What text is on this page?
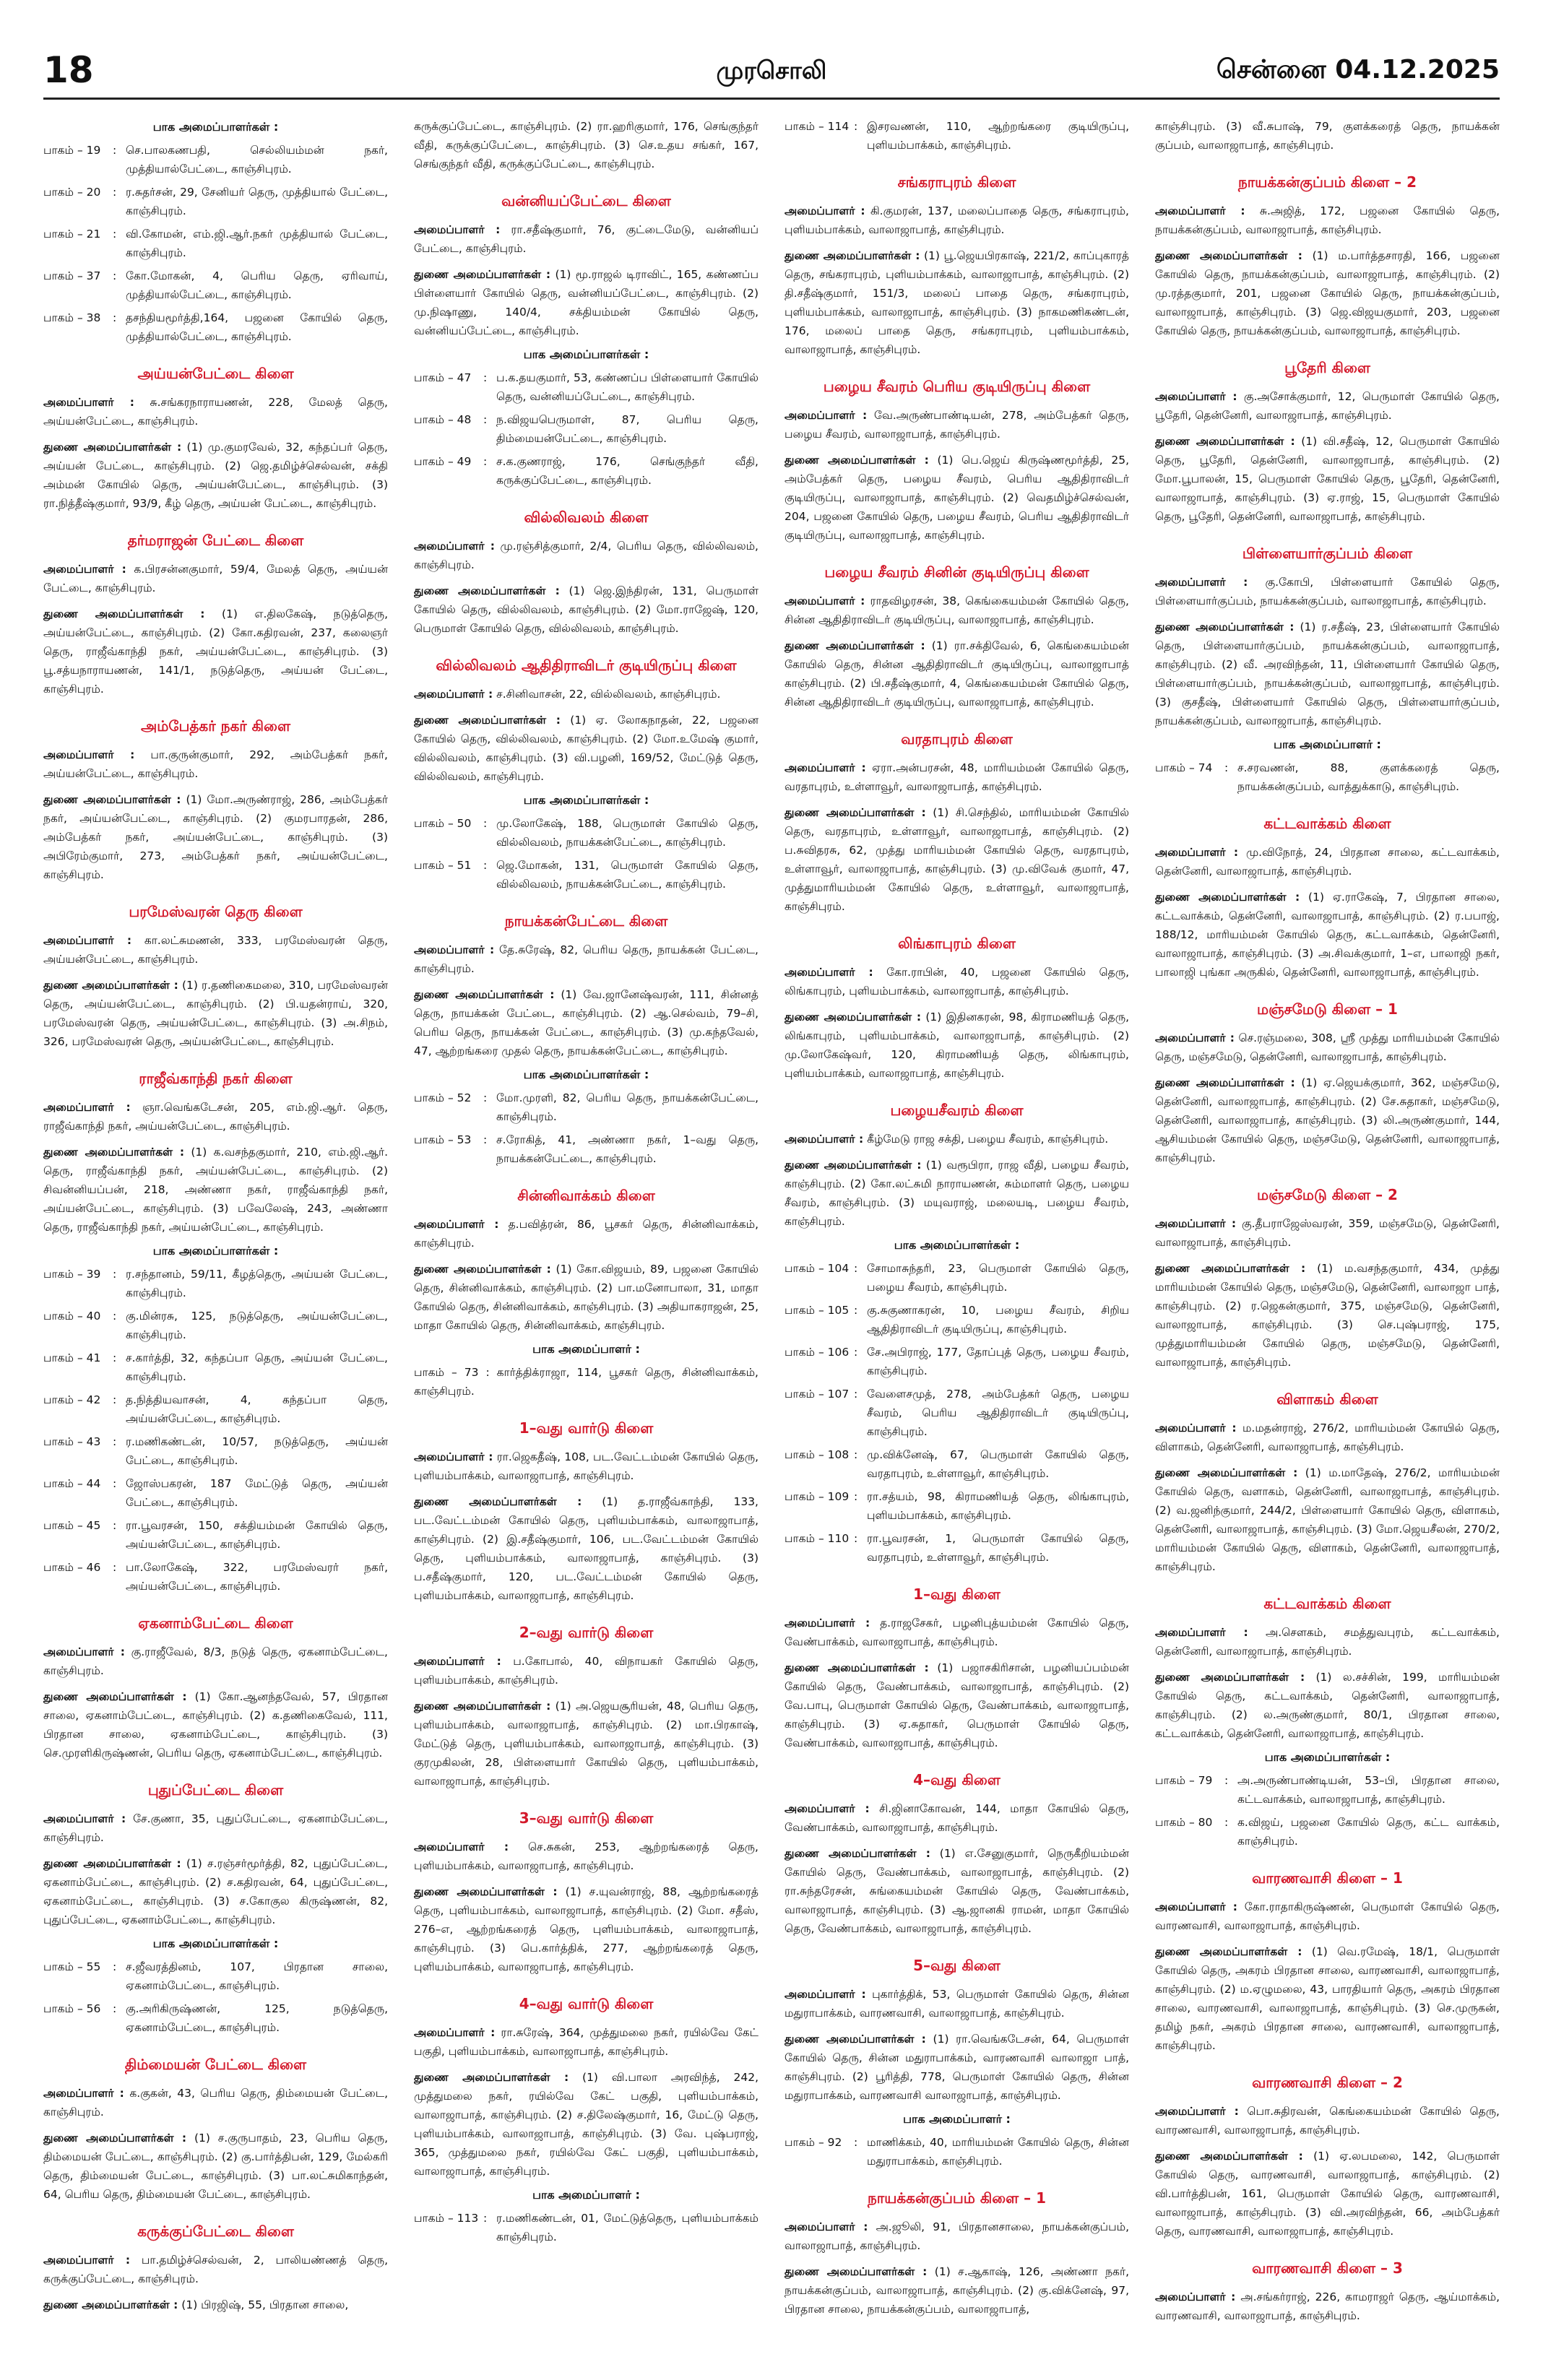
18	முரசொலி	சென்னை 04.12.2025
பாக அமைப்பாளர்கள் :
பாகம் – 19	: செ.பாலகணபதி, செல்லியம்மன் நகர், முத்தியால்பேட்டை, காஞ்சிபுரம்.
பாகம் – 20	: ர.சுதர்சன், 29, சேனியர் தெரு, முத்தியால் பேட்டை, காஞ்சிபுரம்.
பாகம் – 21	: வி.கோமன், எம்.ஜி.ஆர்.நகர் முத்தியால் பேட்டை, காஞ்சிபுரம்.
பாகம் – 37	: கோ.மோகன், 4, பெரிய தெரு, ஏரிவாய், முத்தியால்பேட்டை, காஞ்சிபுரம்.
பாகம் – 38	: தசந்தியமூர்த்தி,164, பஜனை கோயில் தெரு, முத்தியால்பேட்டை, காஞ்சிபுரம்.
அய்யன்பேட்டை கிளை

அமைப்பாளர் : சு.சங்கரநாராயணன், 228, மேலத் தெரு, அய்யன்பேட்டை, காஞ்சிபுரம்.

துணை அமைப்பாளர்கள் : (1) மு.குமரவேல், 32, கந்தப்பர் தெரு, அய்யன் பேட்டை, காஞ்சிபுரம். (2) ஜெ.தமிழ்ச்செல்வன், சக்தி அம்மன் கோயில் தெரு, அய்யன்பேட்டை, காஞ்சிபுரம். (3) ரா.நித்தீஷ்குமார், 93/9, கீழ் தெரு, அய்யன் பேட்டை, காஞ்சிபுரம்.

தர்மராஜன் பேட்டை கிளை

அமைப்பாளர் : க.பிரசன்னகுமார், 59/4, மேலத் தெரு, அய்யன் பேட்டை, காஞ்சிபுரம்.

துணை அமைப்பாளர்கள் : (1) எ.திலகேஷ், நடுத்தெரு, அய்யன்பேட்டை, காஞ்சிபுரம். (2) கோ.கதிரவன், 237, கலைஞர் தெரு, ராஜீவ்காந்தி நகர், அய்யன்பேட்டை, காஞ்சிபுரம். (3) பூ.சத்யநாராயணன், 141/1, நடுத்தெரு, அய்யன் பேட்டை, காஞ்சிபுரம்.

அம்பேத்கர் நகர் கிளை

அமைப்பாளர் : பா.குருன்குமார், 292, அம்பேத்கர் நகர், அய்யன்பேட்டை, காஞ்சிபுரம்.

துணை அமைப்பாளர்கள் : (1) மோ.அருண்ராஜ், 286, அம்பேத்கர் நகர், அய்யன்பேட்டை, காஞ்சிபுரம். (2) குமரபாரதன், 286, அம்பேத்கர் நகர், அய்யன்பேட்டை, காஞ்சிபுரம். (3) அபிரேம்குமார், 273, அம்பேத்கர் நகர், அய்யன்பேட்டை, காஞ்சிபுரம்.

பரமேஸ்வரன் தெரு கிளை

அமைப்பாளர் : கா.லட்சுமணன், 333, பரமேஸ்வரன் தெரு, அய்யன்பேட்டை, காஞ்சிபுரம்.

துணை அமைப்பாளர்கள் : (1) ர.தணிகைமலை, 310, பரமேஸ்வரன் தெரு, அய்யன்பேட்டை, காஞ்சிபுரம். (2) பி.யதன்ராய், 320, பரமேஸ்வரன் தெரு, அய்யன்பேட்டை, காஞ்சிபுரம். (3) அ.சிநம், 326, பரமேஸ்வரன் தெரு, அய்யன்பேட்டை, காஞ்சிபுரம்.

ராஜீவ்காந்தி நகர் கிளை

அமைப்பாளர் : ஞா.வெங்கடேசன், 205, எம்.ஜி.ஆர். தெரு, ராஜீவ்காந்தி நகர், அய்யன்பேட்டை, காஞ்சிபுரம்.

துணை அமைப்பாளர்கள் : (1) க.வசந்தகுமார், 210, எம்.ஜி.ஆர். தெரு, ராஜீவ்காந்தி நகர், அய்யன்பேட்டை, காஞ்சிபுரம். (2) சிவன்னியப்பன், 218, அண்ணா நகர், ராஜீவ்காந்தி நகர், அய்யன்பேட்டை, காஞ்சிபுரம். (3) பவேலேஷ், 243, அண்ணா தெரு, ராஜீவ்காந்தி நகர், அய்யன்பேட்டை, காஞ்சிபுரம்.

பாக அமைப்பாளர்கள் :
பாகம் – 39	: ர.சந்தானம், 59/11, கீழத்தெரு, அய்யன் பேட்டை, காஞ்சிபுரம்.
பாகம் – 40	: கு.மின்ரசு, 125, நடுத்தெரு, அய்யன்பேட்டை, காஞ்சிபுரம்.
பாகம் – 41	: ச.கார்த்தி, 32, கந்தப்பா தெரு, அய்யன் பேட்டை, காஞ்சிபுரம்.
பாகம் – 42	: த.நித்தியவாசன், 4, கந்தப்பா தெரு, அய்யன்பேட்டை, காஞ்சிபுரம்.
பாகம் – 43	: ர.மணிகண்டன், 10/57, நடுத்தெரு, அய்யன் பேட்டை, காஞ்சிபுரம்.
பாகம் – 44	: ஜோஸ்பகரன், 187 மேட்டுத் தெரு, அய்யன் பேட்டை, காஞ்சிபுரம்.
பாகம் – 45	: ரா.பூவரசன், 150, சக்தியம்மன் கோயில் தெரு, அய்யன்பேட்டை, காஞ்சிபுரம்.
பாகம் – 46	: பா.லோகேஷ், 322, பரமேஸ்வரர் நகர், அய்யன்பேட்டை, காஞ்சிபுரம்.
ஏகனாம்பேட்டை கிளை

அமைப்பாளர் : கு.ராஜீவேல், 8/3, நடுத் தெரு, ஏகனாம்பேட்டை, காஞ்சிபுரம்.

துணை அமைப்பாளர்கள் : (1) கோ.ஆனந்தவேல், 57, பிரதான சாலை, ஏகனாம்பேட்டை, காஞ்சிபுரம். (2) க.தணிகைவேல், 111, பிரதான சாலை, ஏகனாம்பேட்டை, காஞ்சிபுரம். (3) செ.முரளிகிருஷ்ணன், பெரிய தெரு, ஏகனாம்பேட்டை, காஞ்சிபுரம்.

புதுப்பேட்டை கிளை

அமைப்பாளர் : சே.குணா, 35, புதுப்பேட்டை, ஏகனாம்பேட்டை, காஞ்சிபுரம்.

துணை அமைப்பாளர்கள் : (1) ச.ரஞ்சர்மூர்த்தி, 82, புதுப்பேட்டை, ஏகனாம்பேட்டை, காஞ்சிபுரம். (2) ச.கதிரவன், 64, புதுப்பேட்டை, ஏகனாம்பேட்டை, காஞ்சிபுரம். (3) ச.கோகுல கிருஷ்ணன், 82, புதுப்பேட்டை, ஏகனாம்பேட்டை, காஞ்சிபுரம்.

பாக அமைப்பாளர்கள் :
பாகம் – 55	: ச.ஜீவரத்தினம், 107, பிரதான சாலை, ஏகனாம்பேட்டை, காஞ்சிபுரம்.
பாகம் – 56	: கு.அரிகிருஷ்ணன், 125, நடுத்தெரு, ஏகனாம்பேட்டை, காஞ்சிபுரம்.
திம்மையன் பேட்டை கிளை

அமைப்பாளர் : க.குகன், 43, பெரிய தெரு, திம்மையன் பேட்டை, காஞ்சிபுரம்.

துணை அமைப்பாளர்கள் : (1) ச.குருபாதம், 23, பெரிய தெரு, திம்மையன் பேட்டை, காஞ்சிபுரம். (2) கு.பார்த்திபன், 129, மேல்கரி தெரு, திம்மையன் பேட்டை, காஞ்சிபுரம். (3) பா.லட்சுமிகாந்தன், 64, பெரிய தெரு, திம்மையன் பேட்டை, காஞ்சிபுரம்.

கருக்குப்பேட்டை கிளை

அமைப்பாளர் : பா.தமிழ்ச்செல்வன், 2, பாலியண்ணத் தெரு, கருக்குப்பேட்டை, காஞ்சிபுரம்.

துணை அமைப்பாளர்கள் : (1) பிரஜிஷ், 55, பிரதான சாலை,

கருக்குப்பேட்டை, காஞ்சிபுரம். (2) ரா.ஹரிகுமார், 176, செங்குந்தர் வீதி, கருக்குப்பேட்டை, காஞ்சிபுரம். (3) செ.உதய சங்கர், 167, செங்குந்தர் வீதி, கருக்குப்பேட்டை, காஞ்சிபுரம்.

வன்னியப்பேட்டை கிளை

அமைப்பாளர் : ரா.சதீஷ்குமார், 76, குட்டைமேடு, வன்னியப் பேட்டை, காஞ்சிபுரம்.

துணை அமைப்பாளர்கள் : (1) மூ.ராஜல் டிராவிட், 165, கண்ணப்ப பிள்ளையார் கோயில் தெரு, வன்னியப்பேட்டை, காஞ்சிபுரம். (2) மு.நிஷாணு, 140/4, சக்தியம்மன் கோயில் தெரு, வன்னியப்பேட்டை, காஞ்சிபுரம்.

பாக அமைப்பாளர்கள் :
பாகம் – 47	: ப.க.தயகுமார், 53, கண்ணப்ப பிள்ளையார் கோயில் தெரு, வன்னியப்பேட்டை, காஞ்சிபுரம்.
பாகம் – 48	: ந.விஜயபெருமாள், 87, பெரிய தெரு, திம்மையன்பேட்டை, காஞ்சிபுரம்.
பாகம் – 49	: ச.க.குணராஜ், 176, செங்குந்தர் வீதி, கருக்குப்பேட்டை, காஞ்சிபுரம்.
வில்லிவலம் கிளை

அமைப்பாளர் : மு.ரஞ்சித்குமார், 2/4, பெரிய தெரு, வில்லிவலம், காஞ்சிபுரம்.

துணை அமைப்பாளர்கள் : (1) ஜெ.இந்திரன், 131, பெருமாள் கோயில் தெரு, வில்லிவலம், காஞ்சிபுரம். (2) மோ.ராஜேஷ், 120, பெருமாள் கோயில் தெரு, வில்லிவலம், காஞ்சிபுரம்.

வில்லிவலம் ஆதிதிராவிடர் குடியிருப்பு கிளை

அமைப்பாளர் : ச.சினிவாசன், 22, வில்லிவலம், காஞ்சிபுரம்.

துணை அமைப்பாளர்கள் : (1) ஏ. லோகநாதன், 22, பஜனை கோயில் தெரு, வில்லிவலம், காஞ்சிபுரம். (2) மோ.உமேஷ் குமார், வில்லிவலம், காஞ்சிபுரம். (3) வி.பழனி, 169/52, மேட்டுத் தெரு, வில்லிவலம், காஞ்சிபுரம்.

பாக அமைப்பாளர்கள் :
பாகம் – 50	: மு.லோகேஷ், 188, பெருமாள் கோயில் தெரு, வில்லிவலம், நாயக்கன்பேட்டை, காஞ்சிபுரம்.
பாகம் – 51	: ஜெ.மோகன், 131, பெருமாள் கோயில் தெரு, வில்லிவலம், நாயக்கன்பேட்டை, காஞ்சிபுரம்.
நாயக்கன்பேட்டை கிளை

அமைப்பாளர் : தே.சுரேஷ், 82, பெரிய தெரு, நாயக்கன் பேட்டை, காஞ்சிபுரம்.

துணை அமைப்பாளர்கள் : (1) வே.ஜானேஷ்வரன், 111, சின்னத் தெரு, நாயக்கன் பேட்டை, காஞ்சிபுரம். (2) ஆ.செல்வம், 79–சி, பெரிய தெரு, நாயக்கன் பேட்டை, காஞ்சிபுரம். (3) மு.கந்தவேல், 47, ஆற்றங்கரை முதல் தெரு, நாயக்கன்பேட்டை, காஞ்சிபுரம்.

பாக அமைப்பாளர்கள் :
பாகம் – 52	: மோ.முரளி, 82, பெரிய தெரு, நாயக்கன்பேட்டை, காஞ்சிபுரம்.
பாகம் – 53	: ச.ரோகித், 41, அண்ணா நகர், 1–வது தெரு, நாயக்கன்பேட்டை, காஞ்சிபுரம்.
சின்னிவாக்கம் கிளை

அமைப்பாளர் : த.பவித்ரன், 86, பூசகர் தெரு, சின்னிவாக்கம், காஞ்சிபுரம்.

துணை அமைப்பாளர்கள் : (1) கோ.விஜயம், 89, பஜனை கோயில் தெரு, சின்னிவாக்கம், காஞ்சிபுரம். (2) பா.மனோபாலா, 31, மாதா கோயில் தெரு, சின்னிவாக்கம், காஞ்சிபுரம். (3) அதியாகராஜன், 25, மாதா கோயில் தெரு, சின்னிவாக்கம், காஞ்சிபுரம்.

பாக அமைப்பாளர் :

பாகம் – 73 : கார்த்திக்ராஜா, 114, பூசகர் தெரு, சின்னிவாக்கம், காஞ்சிபுரம்.

1–வது வார்டு கிளை

அமைப்பாளர் : ரா.ஜெகதீஷ், 108, பட.வேட்டம்மன் கோயில் தெரு, புளியம்பாக்கம், வாலாஜாபாத், காஞ்சிபுரம்.

துணை அமைப்பாளர்கள் : (1) த.ராஜீவ்காந்தி, 133, பட.வேட்டம்மன் கோயில் தெரு, புளியம்பாக்கம், வாலாஜாபாத், காஞ்சிபுரம். (2) இ.சதீஷ்குமார், 106, பட.வேட்டம்மன் கோயில் தெரு, புளியம்பாக்கம், வாலாஜாபாத், காஞ்சிபுரம். (3) ப.சதீஷ்குமார், 120, பட.வேட்டம்மன் கோயில் தெரு, புளியம்பாக்கம், வாலாஜாபாத், காஞ்சிபுரம்.

2–வது வார்டு கிளை

அமைப்பாளர் : ப.கோபால், 40, விநாயகர் கோயில் தெரு, புளியம்பாக்கம், காஞ்சிபுரம்.

துணை அமைப்பாளர்கள் : (1) அ.ஜெயசூரியன், 48, பெரிய தெரு, புளியம்பாக்கம், வாலாஜாபாத், காஞ்சிபுரம். (2) மா.பிரகாஷ், மேட்டுத் தெரு, புளியம்பாக்கம், வாலாஜாபாத், காஞ்சிபுரம். (3) குரமுகிலன், 28, பிள்ளையார் கோயில் தெரு, புளியம்பாக்கம், வாலாஜாபாத், காஞ்சிபுரம்.

3–வது வார்டு கிளை

அமைப்பாளர் : செ.சுகன், 253, ஆற்றங்கரைத் தெரு, புளியம்பாக்கம், வாலாஜாபாத், காஞ்சிபுரம்.

துணை அமைப்பாளர்கள் : (1) ச.யுவன்ராஜ், 88, ஆற்றங்கரைத் தெரு, புளியம்பாக்கம், வாலாஜாபாத், காஞ்சிபுரம். (2) மோ. சதீஸ், 276–எ, ஆற்றங்கரைத் தெரு, புளியம்பாக்கம், வாலாஜாபாத், காஞ்சிபுரம். (3) பெ.கார்த்திக், 277, ஆற்றங்கரைத் தெரு, புளியம்பாக்கம், வாலாஜாபாத், காஞ்சிபுரம்.

4–வது வார்டு கிளை

அமைப்பாளர் : ரா.சுரேஷ், 364, முத்துமலை நகர், ரயில்வே கேட் பகுதி, புளியம்பாக்கம், வாலாஜாபாத், காஞ்சிபுரம்.

துணை அமைப்பாளர்கள் : (1) வி.பாலா அரவிந்த், 242, முத்துமலை நகர், ரயில்வே கேட் பகுதி, புளியம்பாக்கம், வாலாஜாபாத், காஞ்சிபுரம். (2) ச.திலேஷ்குமார், 16, மேட்டு தெரு, புளியம்பாக்கம், வாலாஜாபாத், காஞ்சிபுரம். (3) வே. புஷ்பராஜ், 365, முத்துமலை நகர், ரயில்வே கேட் பகுதி, புளியம்பாக்கம், வாலாஜாபாத், காஞ்சிபுரம்.

பாக அமைப்பாளர் :
பாகம் – 113 : ர.மணிகண்டன், 01, மேட்டுத்தெரு, புளியம்பாக்கம் காஞ்சிபுரம்.
பாகம் – 114 : இசரவணன், 110, ஆற்றங்கரை குடியிருப்பு, புளியம்பாக்கம், காஞ்சிபுரம்.
சங்கராபுரம் கிளை

அமைப்பாளர் : கி.குமரன், 137, மலைப்பாதை தெரு, சங்கராபுரம், புளியம்பாக்கம், வாலாஜாபாத், காஞ்சிபுரம்.

துணை அமைப்பாளர்கள் : (1) பூ.ஜெயபிரகாஷ், 221/2, காப்புகாரத் தெரு, சங்கராபுரம், புளியம்பாக்கம், வாலாஜாபாத், காஞ்சிபுரம். (2) தி.சதீஷ்குமார், 151/3, மலைப் பாதை தெரு, சங்கராபுரம், புளியம்பாக்கம், வாலாஜாபாத், காஞ்சிபுரம். (3) நாகமணிகண்டன், 176, மலைப் பாதை தெரு, சங்கராபுரம், புளியம்பாக்கம், வாலாஜாபாத், காஞ்சிபுரம்.

பழைய சீவரம் பெரிய குடியிருப்பு கிளை

அமைப்பாளர் : வே.அருண்பாண்டியன், 278, அம்பேத்கர் தெரு, பழைய சீவரம், வாலாஜாபாத், காஞ்சிபுரம்.

துணை அமைப்பாளர்கள் : (1) பெ.ஜெய் கிருஷ்ணமூர்த்தி, 25, அம்பேத்கர் தெரு, பழைய சீவரம், பெரிய ஆதிதிராவிடர் குடியிருப்பு, வாலாஜாபாத், காஞ்சிபுரம். (2) வெதமிழ்ச்செல்வன், 204, பஜனை கோயில் தெரு, பழைய சீவரம், பெரிய ஆதிதிராவிடர் குடியிருப்பு, வாலாஜாபாத், காஞ்சிபுரம்.

பழைய சீவரம் சினின் குடியிருப்பு கிளை

அமைப்பாளர் : ராதவிழரசன், 38, கெங்கையம்மன் கோயில் தெரு, சின்ன ஆதிதிராவிடர் குடியிருப்பு, வாலாஜாபாத், காஞ்சிபுரம்.

துணை அமைப்பாளர்கள் : (1) ரா.சக்திவேல், 6, கெங்கையம்மன் கோயில் தெரு, சின்ன ஆதிதிராவிடர் குடியிருப்பு, வாலாஜாபாத் காஞ்சிபுரம். (2) பி.சதீஷ்குமார், 4, கெங்கையம்மன் கோயில் தெரு, சின்ன ஆதிதிராவிடர் குடியிருப்பு, வாலாஜாபாத், காஞ்சிபுரம்.

வரதாபுரம் கிளை

அமைப்பாளர் : ஏரா.அன்பரசன், 48, மாரியம்மன் கோயில் தெரு, வரதாபுரம், உள்ளாவூர், வாலாஜாபாத், காஞ்சிபுரம்.

துணை அமைப்பாளர்கள் : (1) சி.செந்தில், மாரியம்மன் கோயில் தெரு, வரதாபுரம், உள்ளாவூர், வாலாஜாபாத், காஞ்சிபுரம். (2) ப.சுவிதரசு, 62, முத்து மாரியம்மன் கோயில் தெரு, வரதாபுரம், உள்ளாவூர், வாலாஜாபாத், காஞ்சிபுரம். (3) மு.விவேக் குமார், 47, முத்துமாரியம்மன் கோயில் தெரு, உள்ளாவூர், வாலாஜாபாத், காஞ்சிபுரம்.

லிங்காபுரம் கிளை

அமைப்பாளர் : கோ.ராபின், 40, பஜனை கோயில் தெரு, லிங்காபுரம், புளியம்பாக்கம், வாலாஜாபாத், காஞ்சிபுரம்.

துணை அமைப்பாளர்கள் : (1) இதினகரன், 98, கிராமணியத் தெரு, லிங்காபுரம், புளியம்பாக்கம், வாலாஜாபாத், காஞ்சிபுரம். (2) மு.லோகேஷ்வர், 120, கிராமணியத் தெரு, லிங்காபுரம், புளியம்பாக்கம், வாலாஜாபாத், காஞ்சிபுரம்.

பழையசீவரம் கிளை

அமைப்பாளர் : கீழ்மேடு ராஜ சக்தி, பழைய சீவரம், காஞ்சிபுரம்.

துணை அமைப்பாளர்கள் : (1) வரூபிரா, ராஜ வீதி, பழைய சீவரம், காஞ்சிபுரம். (2) கோ.லட்சுமி நாராயணன், சும்மாளர் தெரு, பழைய சீவரம், காஞ்சிபுரம். (3) மயுவராஜ், மலையடி, பழைய சீவரம், காஞ்சிபுரம்.

பாக அமைப்பாளர்கள் :
பாகம் – 104 : சோமாசுந்தரி, 23, பெருமாள் கோயில் தெரு, பழைய சீவரம், காஞ்சிபுரம்.
பாகம் – 105 : கு.சுகுணாகரன், 10, பழைய சீவரம், சிறிய ஆதிதிராவிடர் குடியிருப்பு, காஞ்சிபுரம்.
பாகம் – 106 : சே.அபிராஜ், 177, தோப்புத் தெரு, பழைய சீவரம், காஞ்சிபுரம்.
பாகம் – 107 : வேளைசமுத், 278, அம்பேத்கர் தெரு, பழைய சீவரம், பெரிய ஆதிதிராவிடர் குடியிருப்பு, காஞ்சிபுரம்.
பாகம் – 108 : மு.விக்னேஷ், 67, பெருமாள் கோயில் தெரு, வரதாபுரம், உள்ளாவூர், காஞ்சிபுரம்.
பாகம் – 109 : ரா.சத்யம், 98, கிராமணியத் தெரு, லிங்காபுரம், புளியம்பாக்கம், காஞ்சிபுரம்.
பாகம் – 110 : ரா.பூவரசன், 1, பெருமாள் கோயில் தெரு, வரதாபுரம், உள்ளாவூர், காஞ்சிபுரம்.
1–வது கிளை

அமைப்பாளர் : த.ராஜசேகர், பழனிபுத்யம்மன் கோயில் தெரு, வேண்பாக்கம், வாலாஜாபாத், காஞ்சிபுரம்.

துணை அமைப்பாளர்கள் : (1) பஜாசகிரிசான், பழனியப்பம்மன் கோயில் தெரு, வேண்பாக்கம், வாலாஜாபாத், காஞ்சிபுரம். (2) வே.பாபு, பெருமாள் கோயில் தெரு, வேண்பாக்கம், வாலாஜாபாத், காஞ்சிபுரம். (3) ஏ.சுதாகர், பெருமாள் கோயில் தெரு, வேண்பாக்கம், வாலாஜாபாத், காஞ்சிபுரம்.

4–வது கிளை

அமைப்பாளர் : சி.ஜினாகோவன், 144, மாதா கோயில் தெரு, வேண்பாக்கம், வாலாஜாபாத், காஞ்சிபுரம்.

துணை அமைப்பாளர்கள் : (1) எ.சேனுகுமார், நெருகீறியம்மன் கோயில் தெரு, வேண்பாக்கம், வாலாஜாபாத், காஞ்சிபுரம். (2) ரா.சுந்தரேசன், சுங்கையம்மன் கோயில் தெரு, வேண்பாக்கம், வாலாஜாபாத், காஞ்சிபுரம். (3) ஆ.ஜானகி ராமன், மாதா கோயில் தெரு, வேண்பாக்கம், வாலாஜாபாத், காஞ்சிபுரம்.

5–வது கிளை

அமைப்பாளர் : புகார்த்திக், 53, பெருமாள் கோயில் தெரு, சின்ன மதுராபாக்கம், வாரணவாசி, வாலாஜாபாத், காஞ்சிபுரம்.

துணை அமைப்பாளர்கள் : (1) ரா.வெங்கடேசன், 64, பெருமாள் கோயில் தெரு, சின்ன மதுராபாக்கம், வாரணவாசி வாலாஜா பாத், காஞ்சிபுரம். (2) பூரித்தி, 778, பெருமாள் கோயில் தெரு, சின்ன மதுராபாக்கம், வாரணவாசி வாலாஜாபாத், காஞ்சிபுரம்.

பாக அமைப்பாளர் :
பாகம் – 92	: மாணிக்கம், 40, மாரியம்மன் கோயில் தெரு, சின்ன மதுராபாக்கம், காஞ்சிபுரம்.
நாயக்கன்குப்பம் கிளை – 1

அமைப்பாளர் : அ.ஜூலி, 91, பிரதானசாலை, நாயக்கன்குப்பம், வாலாஜாபாத், காஞ்சிபுரம்.

துணை அமைப்பாளர்கள் : (1) ச.ஆகாஷ், 126, அண்ணா நகர், நாயக்கன்குப்பம், வாலாஜாபாத், காஞ்சிபுரம். (2) கு.விக்னேஷ், 97, பிரதான சாலை, நாயக்கன்குப்பம், வாலாஜாபாத்,

காஞ்சிபுரம். (3) வீ.சுபாஷ், 79, குளக்கரைத் தெரு, நாயக்கன் குப்பம், வாலாஜாபாத், காஞ்சிபுரம்.

நாயக்கன்குப்பம் கிளை – 2

அமைப்பாளர் : சு.அஜித், 172, பஜனை கோயில் தெரு, நாயக்கன்குப்பம், வாலாஜாபாத், காஞ்சிபுரம்.

துணை அமைப்பாளர்கள் : (1) ம.பார்த்தசாரதி, 166, பஜனை கோயில் தெரு, நாயக்கன்குப்பம், வாலாஜாபாத், காஞ்சிபுரம். (2) மு.ரத்தகுமார், 201, பஜனை கோயில் தெரு, நாயக்கன்குப்பம், வாலாஜாபாத், காஞ்சிபுரம். (3) ஜெ.விஜயகுமார், 203, பஜனை கோயில் தெரு, நாயக்கன்குப்பம், வாலாஜாபாத், காஞ்சிபுரம்.

பூதேரி கிளை

அமைப்பாளர் : கு.அசோக்குமார், 12, பெருமாள் கோயில் தெரு, பூதேரி, தென்னேரி, வாலாஜாபாத், காஞ்சிபுரம்.

துணை அமைப்பாளர்கள் : (1) வி.சதீஷ், 12, பெருமாள் கோயில் தெரு, பூதேரி, தென்னேரி, வாலாஜாபாத், காஞ்சிபுரம். (2) மோ.பூபாலன், 15, பெருமாள் கோயில் தெரு, பூதேரி, தென்னேரி, வாலாஜாபாத், காஞ்சிபுரம். (3) ஏ.ராஜ், 15, பெருமாள் கோயில் தெரு, பூதேரி, தென்னேரி, வாலாஜாபாத், காஞ்சிபுரம்.

பிள்ளையார்குப்பம் கிளை

அமைப்பாளர் : கு.கோபி, பிள்ளையார் கோயில் தெரு, பிள்ளையார்குப்பம், நாயக்கன்குப்பம், வாலாஜாபாத், காஞ்சிபுரம்.

துணை அமைப்பாளர்கள் : (1) ர.சதீஷ், 23, பிள்ளையார் கோயில் தெரு, பிள்ளையார்குப்பம், நாயக்கன்குப்பம், வாலாஜாபாத், காஞ்சிபுரம். (2) வீ. அரவிந்தன், 11, பிள்ளையார் கோயில் தெரு, பிள்ளையார்குப்பம், நாயக்கன்குப்பம், வாலாஜாபாத், காஞ்சிபுரம். (3) குசதீஷ், பிள்ளையார் கோயில் தெரு, பிள்ளையார்குப்பம், நாயக்கன்குப்பம், வாலாஜாபாத், காஞ்சிபுரம்.

பாக அமைப்பாளர் :
பாகம் – 74	: ச.சரவணன், 88, குளக்கரைத் தெரு, நாயக்கன்குப்பம், வாத்துக்காடு, காஞ்சிபுரம்.
கட்டவாக்கம் கிளை

அமைப்பாளர் : மு.விநோத், 24, பிரதான சாலை, கட்டவாக்கம், தென்னேரி, வாலாஜாபாத், காஞ்சிபுரம்.

துணை அமைப்பாளர்கள் : (1) ஏ.ராகேஷ், 7, பிரதான சாலை, கட்டவாக்கம், தென்னேரி, வாலாஜாபாத், காஞ்சிபுரம். (2) ர.பபாஜ், 188/12, மாரியம்மன் கோயில் தெரு, கட்டவாக்கம், தென்னேரி, வாலாஜாபாத், காஞ்சிபுரம். (3) அ.சிவக்குமார், 1–எ, பாலாஜி நகர், பாலாஜி புங்கா அருகில், தென்னேரி, வாலாஜாபாத், காஞ்சிபுரம்.

மஞ்சமேடு கிளை – 1

அமைப்பாளர் : செ.ரஞ்மலை, 308, ஸ்ரீ முத்து மாரியம்மன் கோயில் தெரு, மஞ்சமேடு, தென்னேரி, வாலாஜாபாத், காஞ்சிபுரம்.

துணை அமைப்பாளர்கள் : (1) ஏ.ஜெயக்குமார், 362, மஞ்சமேடு, தென்னேரி, வாலாஜாபாத், காஞ்சிபுரம். (2) சே.சுதாகர், மஞ்சமேடு, தென்னேரி, வாலாஜாபாத், காஞ்சிபுரம். (3) லி.அருண்குமார், 144, ஆசியம்மன் கோயில் தெரு, மஞ்சமேடு, தென்னேரி, வாலாஜாபாத், காஞ்சிபுரம்.

மஞ்சமேடு கிளை – 2

அமைப்பாளர் : கு.தீபராஜேஸ்வரன், 359, மஞ்சமேடு, தென்னேரி, வாலாஜாபாத், காஞ்சிபுரம்.

துணை அமைப்பாளர்கள் : (1) ம.வசந்தகுமார், 434, முத்து மாரியம்மன் கோயில் தெரு, மஞ்சமேடு, தென்னேரி, வாலாஜா பாத், காஞ்சிபுரம். (2) ர.ஜெகன்குமார், 375, மஞ்சமேடு, தென்னேரி, வாலாஜாபாத், காஞ்சிபுரம். (3) செ.புஷ்பராஜ், 175, முத்துமாரியம்மன் கோயில் தெரு, மஞ்சமேடு, தென்னேரி, வாலாஜாபாத், காஞ்சிபுரம்.

விளாகம் கிளை

அமைப்பாளர் : ம.மதன்ராஜ், 276/2, மாரியம்மன் கோயில் தெரு, விளாகம், தென்னேரி, வாலாஜாபாத், காஞ்சிபுரம்.

துணை அமைப்பாளர்கள் : (1) ம.மாதேஷ், 276/2, மாரியம்மன் கோயில் தெரு, வளாகம், தென்னேரி, வாலாஜாபாத், காஞ்சிபுரம். (2) வ.ஜனிந்குமார், 244/2, பிள்ளையார் கோயில் தெரு, விளாகம், தென்னேரி, வாலாஜாபாத், காஞ்சிபுரம். (3) மோ.ஜெயசீலன், 270/2, மாரியம்மன் கோயில் தெரு, விளாகம், தென்னேரி, வாலாஜாபாத், காஞ்சிபுரம்.

கட்டவாக்கம் கிளை

அமைப்பாளர் : அ.சௌகம், சமத்துவபுரம், கட்டவாக்கம், தென்னேரி, வாலாஜாபாத், காஞ்சிபுரம்.

துணை அமைப்பாளர்கள் : (1) ல.சச்சின், 199, மாரியம்மன் கோயில் தெரு, கட்டவாக்கம், தென்னேரி, வாலாஜாபாத், காஞ்சிபுரம். (2) ல.அருண்குமார், 80/1, பிரதான சாலை, கட்டவாக்கம், தென்னேரி, வாலாஜாபாத், காஞ்சிபுரம்.

பாக அமைப்பாளர்கள் :
பாகம் – 79	: அ.அருண்பாண்டியன், 53–பி, பிரதான சாலை, கட்டவாக்கம், வாலாஜாபாத், காஞ்சிபுரம்.
பாகம் – 80	: க.விஜய், பஜனை கோயில் தெரு, கட்ட வாக்கம், காஞ்சிபுரம்.
வாரணவாசி கிளை – 1

அமைப்பாளர் : கோ.ராதாகிருஷ்ணன், பெருமாள் கோயில் தெரு, வாரணவாசி, வாலாஜாபாத், காஞ்சிபுரம்.

துணை அமைப்பாளர்கள் : (1) வெ.ரமேஷ், 18/1, பெருமாள் கோயில் தெரு, அகரம் பிரதான சாலை, வாரணவாசி, வாலாஜாபாத், காஞ்சிபுரம். (2) ம.ஏழுமலை, 43, பாரதியார் தெரு, அகரம் பிரதான சாலை, வாரணவாசி, வாலாஜாபாத், காஞ்சிபுரம். (3) செ.முருகன், தமிழ் நகர், அகரம் பிரதான சாலை, வாரணவாசி, வாலாஜாபாத், காஞ்சிபுரம்.

வாரணவாசி கிளை – 2

அமைப்பாளர் : பொ.சுதிரவன், கெங்கையம்மன் கோயில் தெரு, வாரணவாசி, வாலாஜாபாத், காஞ்சிபுரம்.

துணை அமைப்பாளர்கள் : (1) ஏ.லபமலை, 142, பெருமாள் கோயில் தெரு, வாரணவாசி, வாலாஜாபாத், காஞ்சிபுரம். (2) வி.பார்த்திபன், 161, பெருமாள் கோயில் தெரு, வாரணவாசி, வாலாஜாபாத், காஞ்சிபுரம். (3) வி.அரவிந்தன், 66, அம்பேத்கர் தெரு, வாரணவாசி, வாலாஜாபாத், காஞ்சிபுரம்.

வாரணவாசி கிளை – 3

அமைப்பாளர் : அ.சங்கர்ராஜ், 226, காமராஜர் தெரு, ஆய்மாக்கம், வாரணவாசி, வாலாஜாபாத், காஞ்சிபுரம்.
